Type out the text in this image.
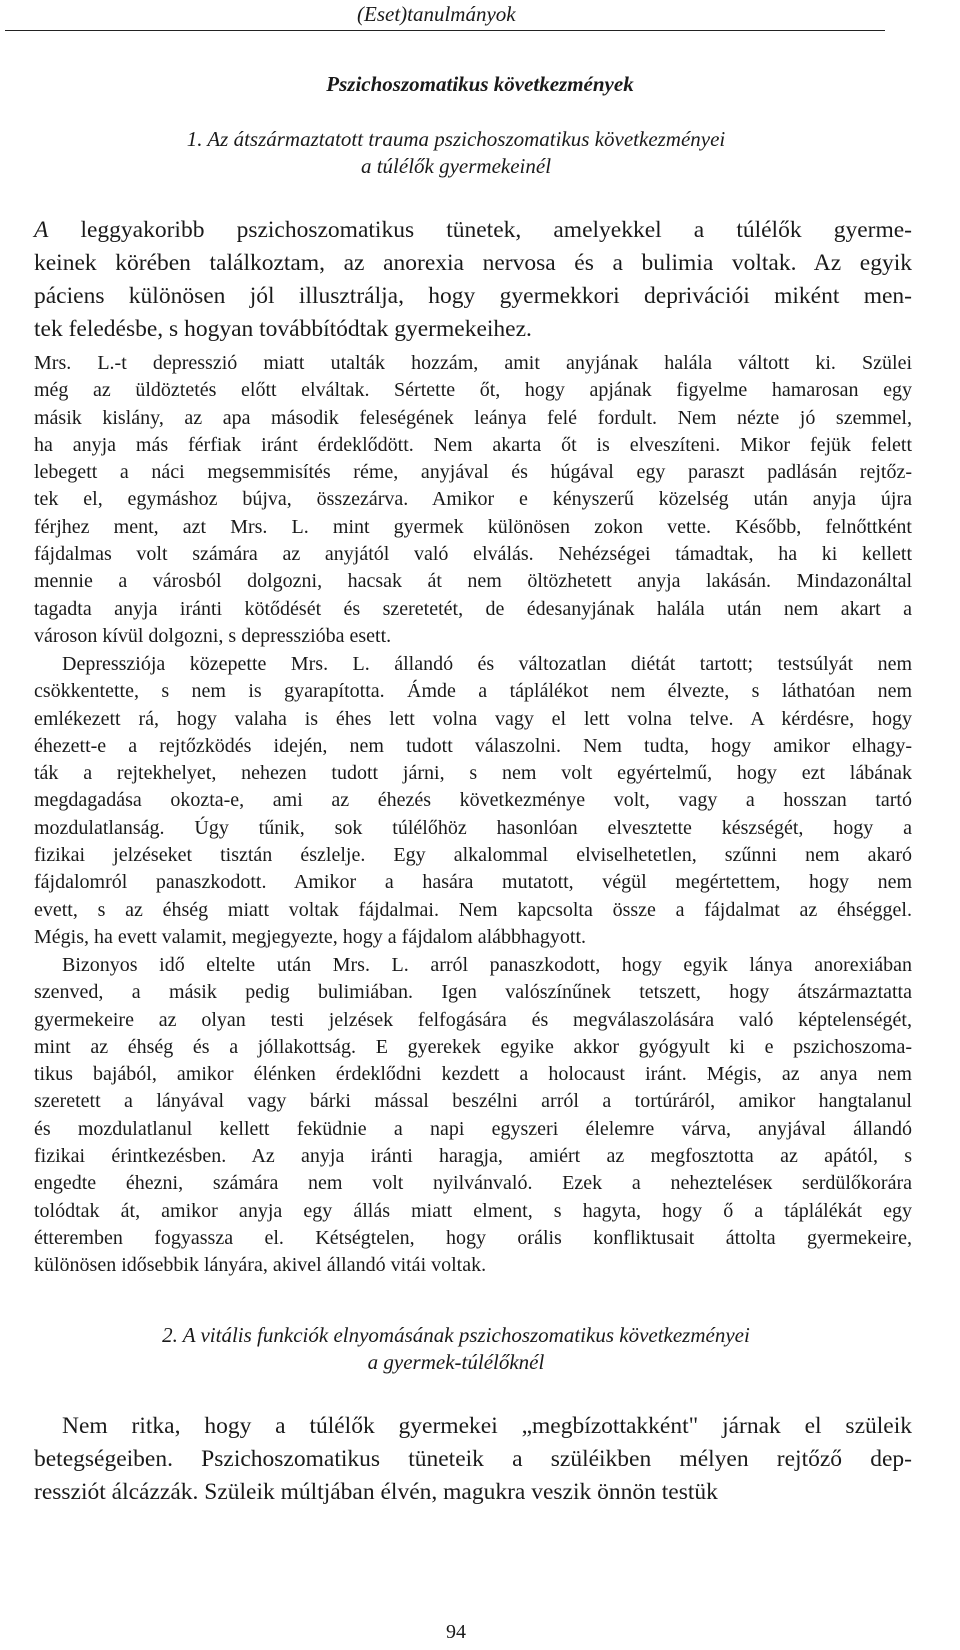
(Eset)tanulmányok
Pszichoszomatikus következmények
1. Az átszármaztatott trauma pszichoszomatikus következményei
a túlélők gyermekeinél
A leggyakoribb pszichoszomatikus tünetek, amelyekkel a túlélők gyerme-
keinek körében találkoztam, az anorexia nervosa és a bulimia voltak. Az egyik
páciens különösen jól illusztrálja, hogy gyermekkori deprivációi miként men-
tek feledésbe, s hogyan továbbítódtak gyermekeihez.
Mrs. L.-t depresszió miatt utalták hozzám, amit anyjának halála váltott ki. Szülei
még az üldöztetés előtt elváltak. Sértette őt, hogy apjának figyelme hamarosan egy
másik kislány, az apa második feleségének leánya felé fordult. Nem nézte jó szemmel,
ha anyja más férfiak iránt érdeklődött. Nem akarta őt is elveszíteni. Mikor fejük felett
lebegett a náci megsemmisítés réme, anyjával és húgával egy paraszt padlásán rejtőz-
tek el, egymáshoz bújva, összezárva. Amikor e kényszerű közelség után anyja újra
férjhez ment, azt Mrs. L. mint gyermek különösen zokon vette. Később, felnőttként
fájdalmas volt számára az anyjától való elválás. Nehézségei támadtak, ha ki kellett
mennie a városból dolgozni, hacsak át nem öltözhetett anyja lakásán. Mindazonáltal
tagadta anyja iránti kötődését és szeretetét, de édesanyjának halála után nem akart a
városon kívül dolgozni, s depresszióba esett.
Depressziója közepette Mrs. L. állandó és változatlan diétát tartott; testsúlyát nem
csökkentette, s nem is gyarapította. Ámde a táplálékot nem élvezte, s láthatóan nem
emlékezett rá, hogy valaha is éhes lett volna vagy el lett volna telve. A kérdésre, hogy
éhezett-e a rejtőzködés idején, nem tudott válaszolni. Nem tudta, hogy amikor elhagy-
ták a rejtekhelyet, nehezen tudott járni, s nem volt egyértelmű, hogy ezt lábának
megdagadása okozta-e, ami az éhezés következménye volt, vagy a hosszan tartó
mozdulatlanság. Úgy tűnik, sok túlélőhöz hasonlóan elvesztette készségét, hogy a
fizikai jelzéseket tisztán észlelje. Egy alkalommal elviselhetetlen, szűnni nem akaró
fájdalomról panaszkodott. Amikor a hasára mutatott, végül megértettem, hogy nem
evett, s az éhség miatt voltak fájdalmai. Nem kapcsolta össze a fájdalmat az éhséggel.
Mégis, ha evett valamit, megjegyezte, hogy a fájdalom alábbhagyott.
Bizonyos idő eltelte után Mrs. L. arról panaszkodott, hogy egyik lánya anorexiában
szenved, a másik pedig bulimiában. Igen valószínűnek tetszett, hogy átszármaztatta
gyermekeire az olyan testi jelzések felfogására és megválaszolására való képtelenségét,
mint az éhség és a jóllakottság. E gyerekek egyike akkor gyógyult ki e pszichoszoma-
tikus bajából, amikor élénken érdeklődni kezdett a holocaust iránt. Mégis, az anya nem
szeretett a lányával vagy bárki mással beszélni arról a tortúráról, amikor hangtalanul
és mozdulatlanul kellett feküdnie a napi egyszeri élelemre várva, anyjával állandó
fizikai érintkezésben. Az anyja iránti haragja, amiért az megfosztotta az apától, s
engedte éhezni, számára nem volt nyilvánvaló. Ezek a nehezteléseк serdülőkorára
tolódtak át, amikor anyja egy állás miatt elment, s hagyta, hogy ő a táplálékát egy
étteremben fogyassza el. Kétségtelen, hogy orális konfliktusait áttolta gyermekeire,
különösen idősebbik lányára, akivel állandó vitái voltak.
2. A vitális funkciók elnyomásának pszichoszomatikus következményei
a gyermek-túlélőknél
Nem ritka, hogy a túlélők gyermekei „megbízottakként" járnak el szüleik
betegségeiben. Pszichoszomatikus tüneteik a szüléikben mélyen rejtőző dep-
ressziót álcázzák. Szüleik múltjában élvén, magukra veszik önnön testük
94
